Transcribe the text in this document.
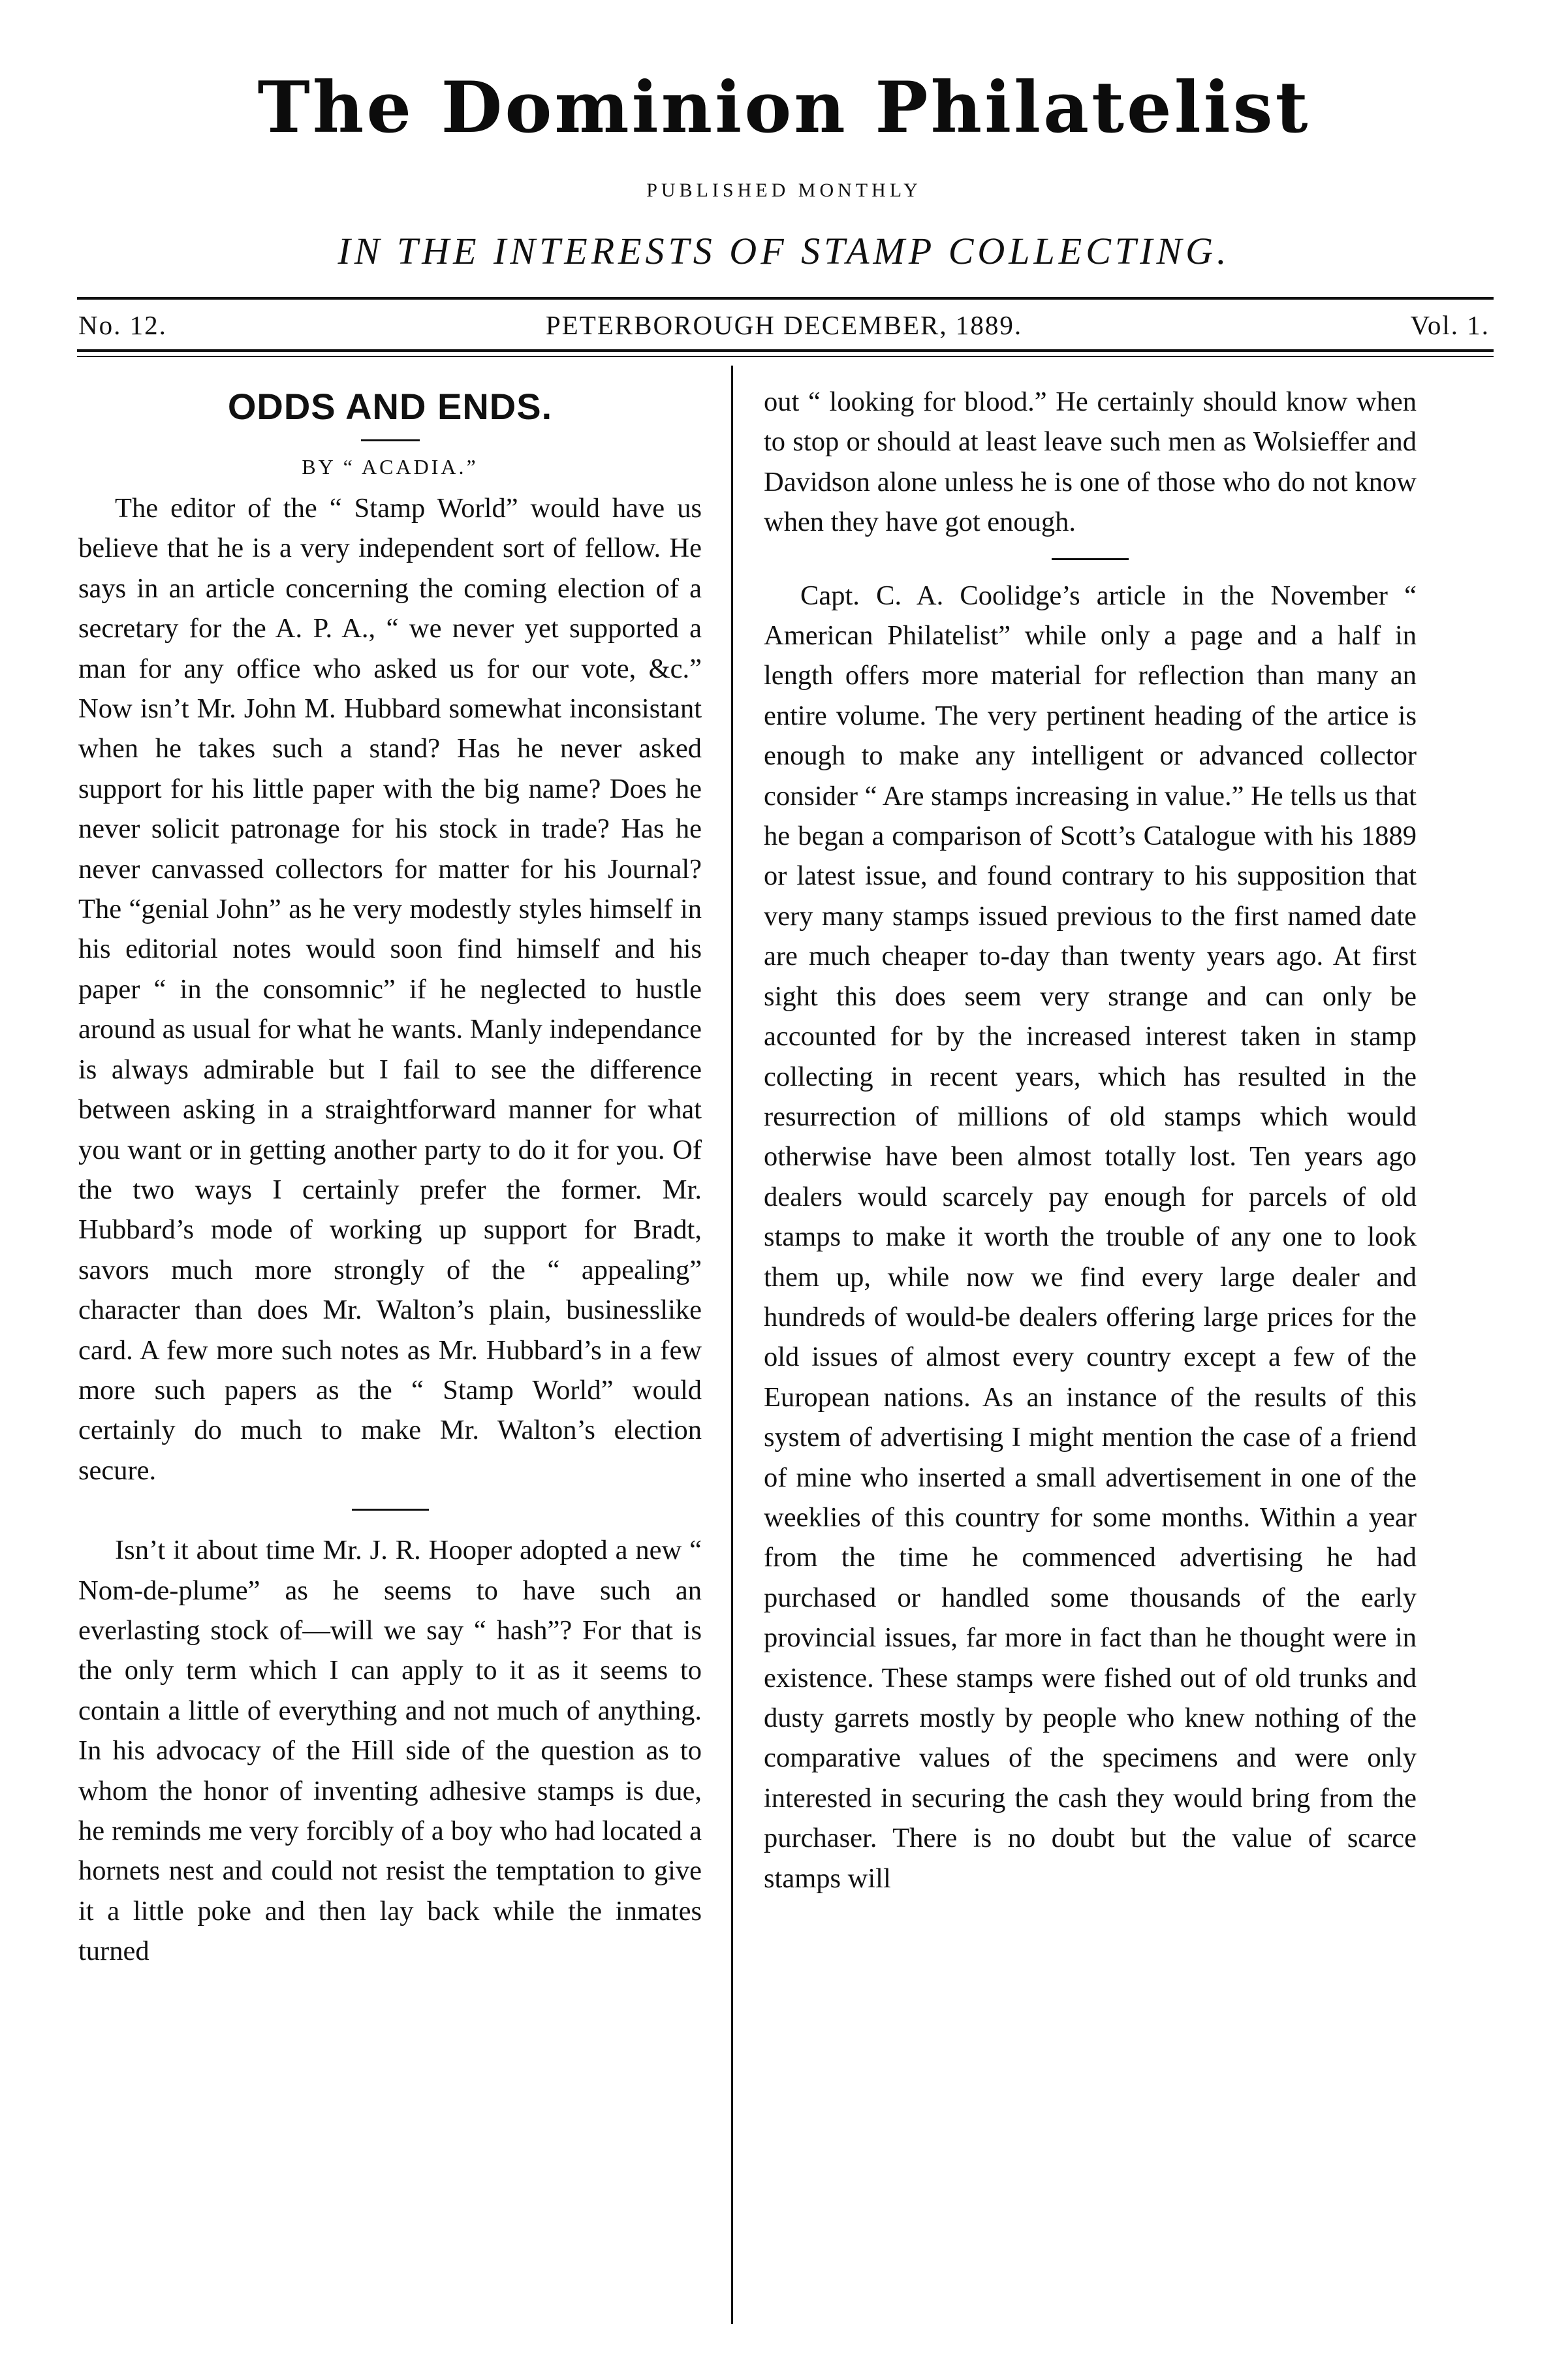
The Dominion Philatelist
PUBLISHED MONTHLY
IN THE INTERESTS OF STAMP COLLECTING.
No. 12.	PETERBOROUGH DECEMBER, 1889.	Vol. 1.
ODDS AND ENDS.
BY “ ACADIA.”

The editor of the “ Stamp World” would have us believe that he is a very independent sort of fellow. He says in an article concerning the coming election of a secretary for the A. P. A., “ we never yet supported a man for any office who asked us for our vote, &c.” Now isn’t Mr. John M. Hubbard somewhat inconsistant when he takes such a stand? Has he never asked support for his little paper with the big name? Does he never solicit patronage for his stock in trade? Has he never canvassed collectors for matter for his Journal? The “genial John” as he very modestly styles himself in his editorial notes would soon find himself and his paper “ in the consomnic” if he neglected to hustle around as usual for what he wants. Manly independance is always admirable but I fail to see the difference between asking in a straightforward manner for what you want or in getting another party to do it for you. Of the two ways I certainly prefer the former. Mr. Hubbard’s mode of working up support for Bradt, savors much more strongly of the “ appealing” character than does Mr. Walton’s plain, businesslike card. A few more such notes as Mr. Hubbard’s in a few more such papers as the “ Stamp World” would certainly do much to make Mr. Walton’s election secure.

Isn’t it about time Mr. J. R. Hooper adopted a new “ Nom-de-plume” as he seems to have such an everlasting stock of—will we say “ hash”? For that is the only term which I can apply to it as it seems to contain a little of everything and not much of anything. In his advocacy of the Hill side of the question as to whom the honor of inventing adhesive stamps is due, he reminds me very forcibly of a boy who had located a hornets nest and could not resist the temptation to give it a little poke and then lay back while the inmates turned

out “ looking for blood.” He certainly should know when to stop or should at least leave such men as Wolsieffer and Davidson alone unless he is one of those who do not know when they have got enough.

Capt. C. A. Coolidge’s article in the November “ American Philatelist” while only a page and a half in length offers more material for reflection than many an entire volume. The very pertinent heading of the artice is enough to make any intelligent or advanced collector consider “ Are stamps increasing in value.” He tells us that he began a comparison of Scott’s Catalogue with his 1889 or latest issue, and found contrary to his supposition that very many stamps issued previous to the first named date are much cheaper to-day than twenty years ago. At first sight this does seem very strange and can only be accounted for by the increased interest taken in stamp collecting in recent years, which has resulted in the resurrection of millions of old stamps which would otherwise have been almost totally lost. Ten years ago dealers would scarcely pay enough for parcels of old stamps to make it worth the trouble of any one to look them up, while now we find every large dealer and hundreds of would-be dealers offering large prices for the old issues of almost every country except a few of the European nations. As an instance of the results of this system of advertising I might mention the case of a friend of mine who inserted a small advertisement in one of the weeklies of this country for some months. Within a year from the time he commenced advertising he had purchased or handled some thousands of the early provincial issues, far more in fact than he thought were in existence. These stamps were fished out of old trunks and dusty garrets mostly by people who knew nothing of the comparative values of the specimens and were only interested in securing the cash they would bring from the purchaser. There is no doubt but the value of scarce stamps will
